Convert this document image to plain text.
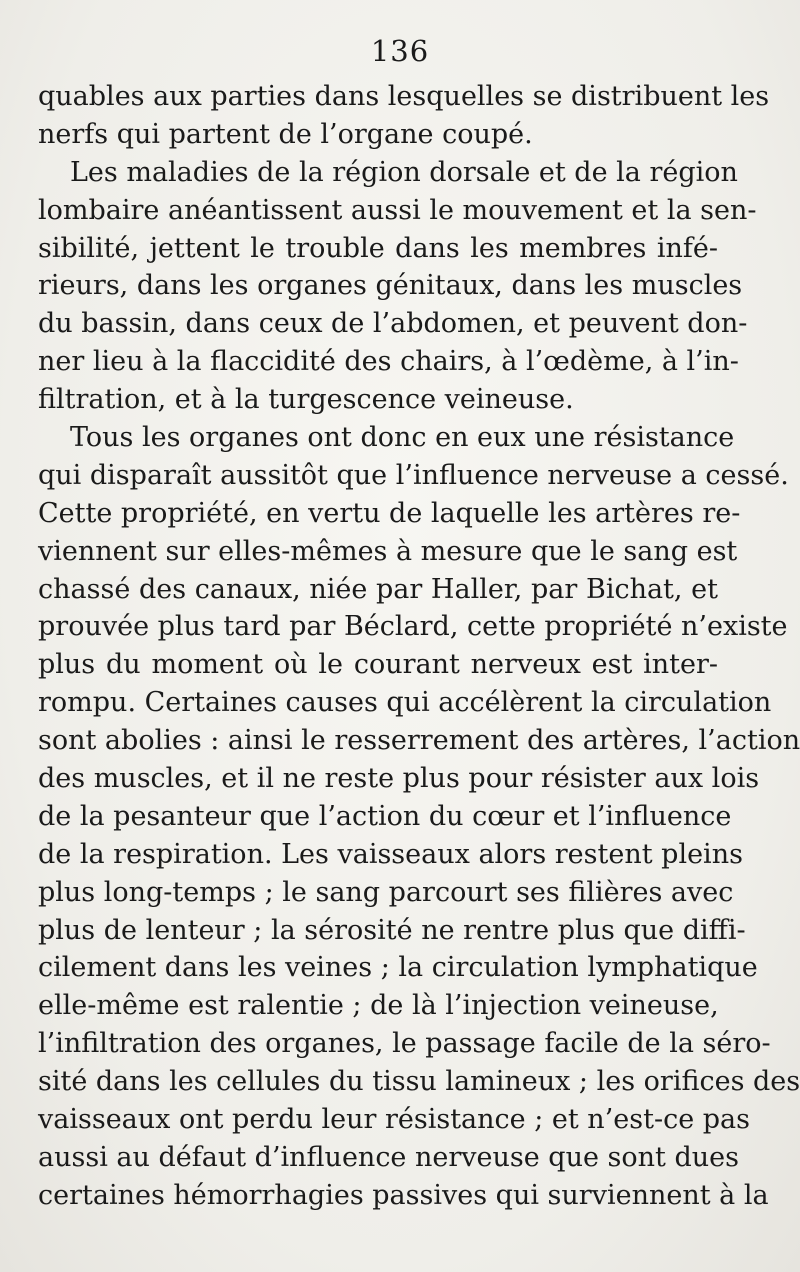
136
quables aux parties dans lesquelles se distribuent les
nerfs qui partent de l’organe coupé.
Les maladies de la région dorsale et de la région
lombaire anéantissent aussi le mouvement et la sen-
sibilité, jettent le trouble dans les membres infé-
rieurs, dans les organes génitaux, dans les muscles
du bassin, dans ceux de l’abdomen, et peuvent don-
ner lieu à la flaccidité des chairs, à l’œdème, à l’in-
filtration, et à la turgescence veineuse.
Tous les organes ont donc en eux une résistance
qui disparaît aussitôt que l’influence nerveuse a cessé.
Cette propriété, en vertu de laquelle les artères re-
viennent sur elles-mêmes à mesure que le sang est
chassé des canaux, niée par Haller, par Bichat, et
prouvée plus tard par Béclard, cette propriété n’existe
plus du moment où le courant nerveux est inter-
rompu. Certaines causes qui accélèrent la circulation
sont abolies : ainsi le resserrement des artères, l’action
des muscles, et il ne reste plus pour résister aux lois
de la pesanteur que l’action du cœur et l’influence
de la respiration. Les vaisseaux alors restent pleins
plus long-temps ; le sang parcourt ses filières avec
plus de lenteur ; la sérosité ne rentre plus que diffi-
cilement dans les veines ; la circulation lymphatique
elle-même est ralentie ; de là l’injection veineuse,
l’infiltration des organes, le passage facile de la séro-
sité dans les cellules du tissu lamineux ; les orifices des
vaisseaux ont perdu leur résistance ; et n’est-ce pas
aussi au défaut d’influence nerveuse que sont dues
certaines hémorrhagies passives qui surviennent à la
